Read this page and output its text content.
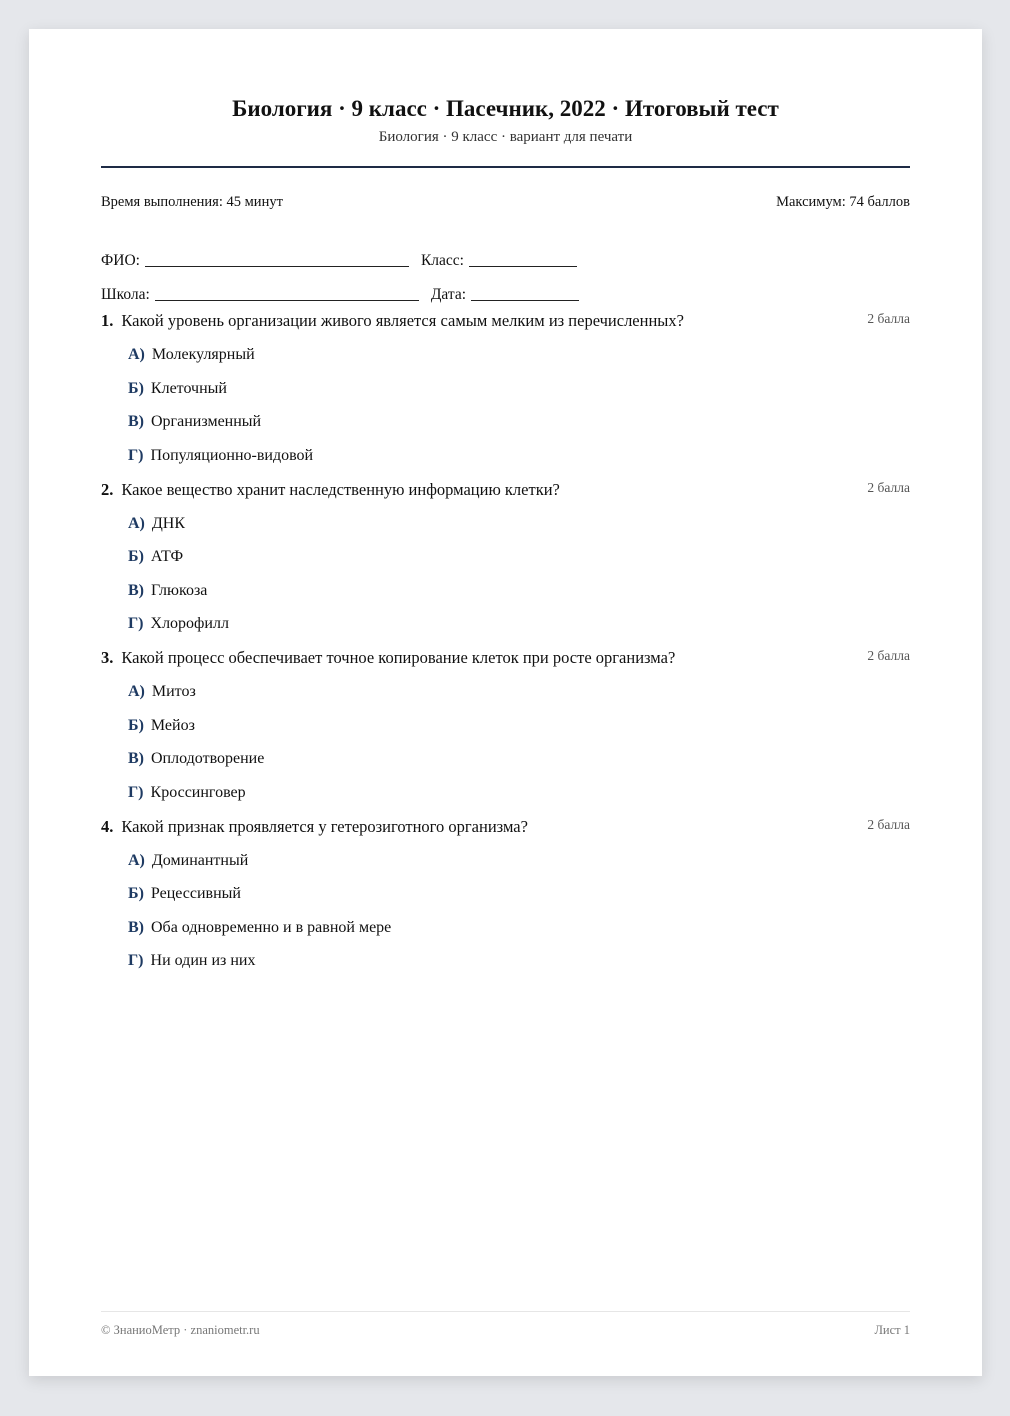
Биология · 9 класс · Пасечник, 2022 · Итоговый тест
Биология · 9 класс · вариант для печати
Время выполнения: 45 минут	Максимум: 74 баллов
ФИО:	Класс:
Школа:	Дата:
1. Какой уровень организации живого является самым мелким из перечисленных?	2 балла
А) Молекулярный
Б) Клеточный
В) Организменный
Г) Популяционно-видовой
2. Какое вещество хранит наследственную информацию клетки?	2 балла
А) ДНК
Б) АТФ
В) Глюкоза
Г) Хлорофилл
3. Какой процесс обеспечивает точное копирование клеток при росте организма?	2 балла
А) Митоз
Б) Мейоз
В) Оплодотворение
Г) Кроссинговер
4. Какой признак проявляется у гетерозиготного организма?	2 балла
А) Доминантный
Б) Рецессивный
В) Оба одновременно и в равной мере
Г) Ни один из них
© ЗнаниоМетр · znaniometr.ru	Лист 1
